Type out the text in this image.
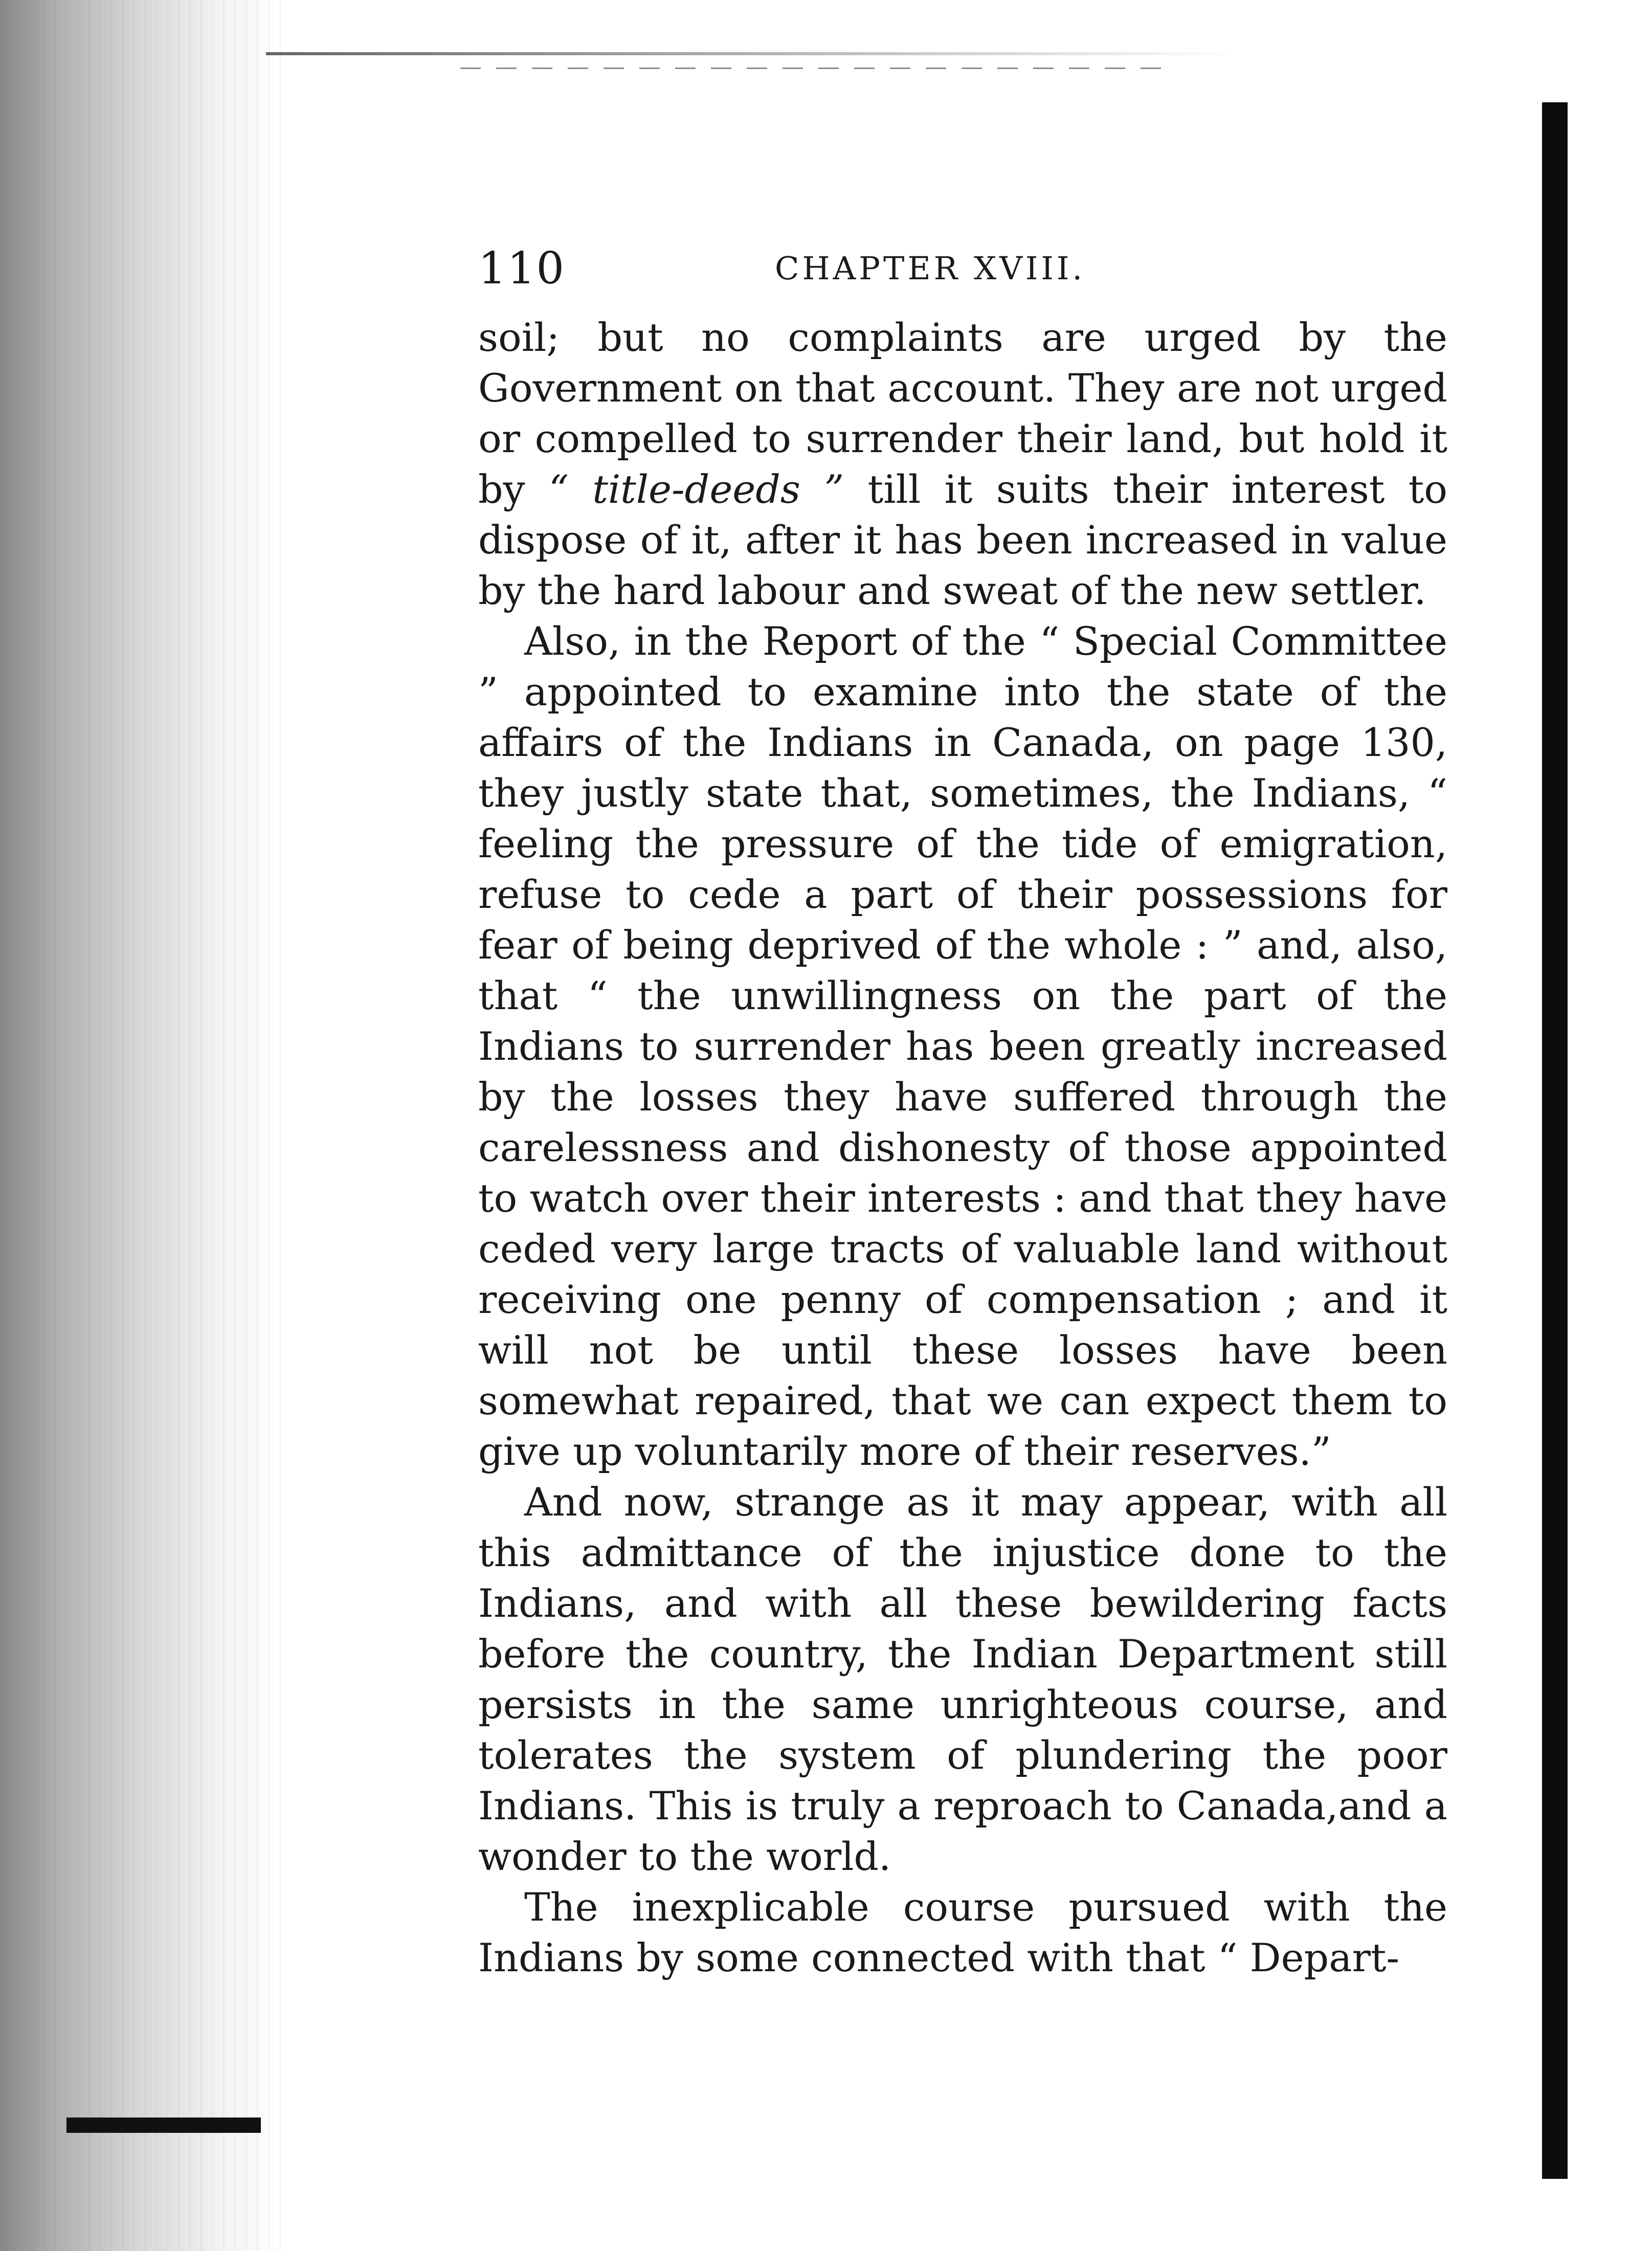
110	CHAPTER XVIII.

soil; but no complaints are urged by the Government on that account. They are not urged or compelled to surrender their land, but hold it by “ title-deeds ” till it suits their interest to dispose of it, after it has been increased in value by the hard labour and sweat of the new settler.

Also, in the Report of the “ Special Committee ” appointed to examine into the state of the affairs of the Indians in Canada, on page 130, they justly state that, sometimes, the Indians, “ feeling the pressure of the tide of emigration, refuse to cede a part of their possessions for fear of being deprived of the whole : ” and, also, that “ the unwillingness on the part of the Indians to surrender has been greatly increased by the losses they have suffered through the carelessness and dishonesty of those appointed to watch over their interests : and that they have ceded very large tracts of valuable land without receiving one penny of compensation ; and it will not be until these losses have been somewhat repaired, that we can expect them to give up voluntarily more of their reserves.”

And now, strange as it may appear, with all this admittance of the injustice done to the Indians, and with all these bewildering facts before the country, the Indian Department still persists in the same unrighteous course, and tolerates the system of plundering the poor Indians. This is truly a reproach to Canada,and a wonder to the world.

The inexplicable course pursued with the Indians by some connected with that “ Depart-
